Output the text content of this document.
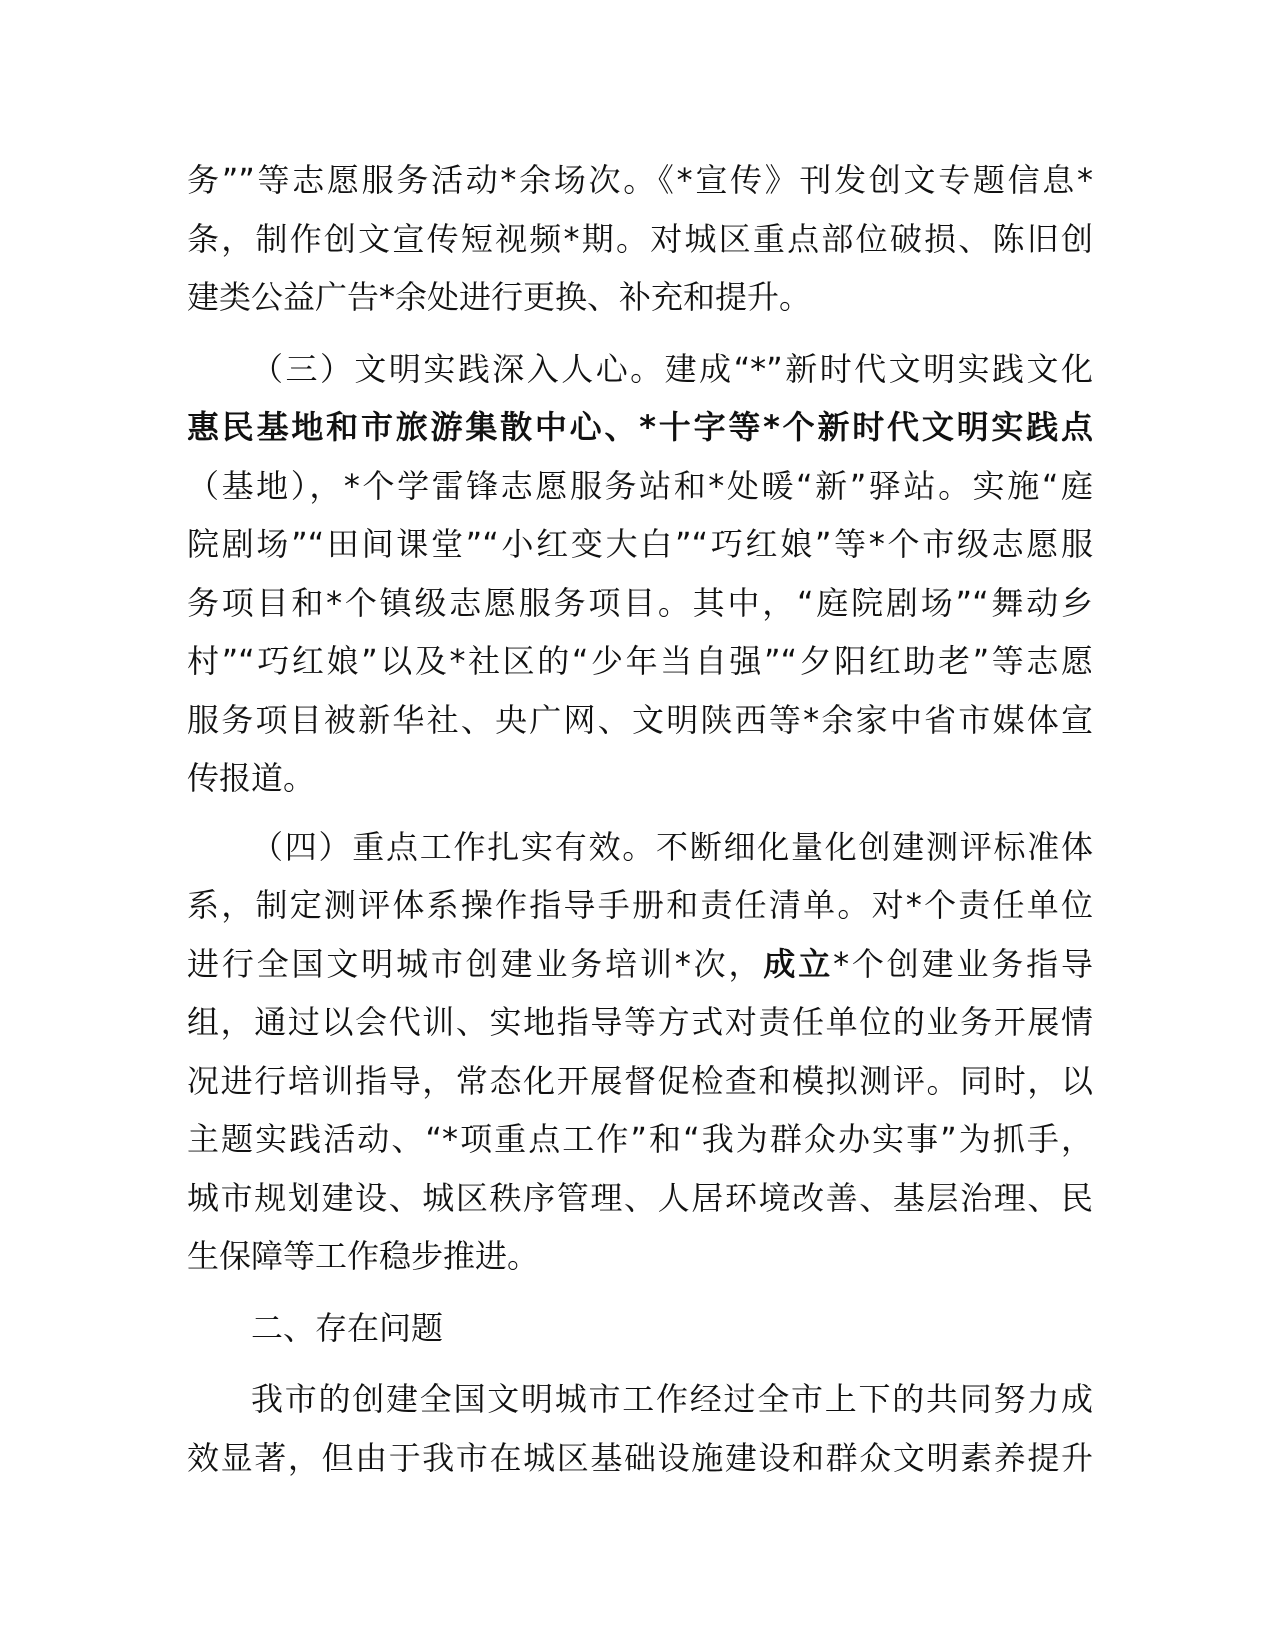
务””等志愿服务活动*余场次。《*宣传》刊发创文专题信息*
条，制作创文宣传短视频*期。对城区重点部位破损、陈旧创
建类公益广告*余处进行更换、补充和提升。
（三）文明实践深入人心。建成“*”新时代文明实践文化
惠民基地和市旅游集散中心、*十字等*个新时代文明实践点
（基地），*个学雷锋志愿服务站和*处暖“新”驿站。实施“庭
院剧场”“田间课堂”“小红变大白”“巧红娘”等*个市级志愿服
务项目和*个镇级志愿服务项目。其中，“庭院剧场”“舞动乡
村”“巧红娘”以及*社区的“少年当自强”“夕阳红助老”等志愿
服务项目被新华社、央广网、文明陕西等*余家中省市媒体宣
传报道。
（四）重点工作扎实有效。不断细化量化创建测评标准体
系，制定测评体系操作指导手册和责任清单。对*个责任单位
进行全国文明城市创建业务培训*次，成立*个创建业务指导
组，通过以会代训、实地指导等方式对责任单位的业务开展情
况进行培训指导，常态化开展督促检查和模拟测评。同时，以
主题实践活动、“*项重点工作”和“我为群众办实事”为抓手，
城市规划建设、城区秩序管理、人居环境改善、基层治理、民
生保障等工作稳步推进。
二、存在问题
我市的创建全国文明城市工作经过全市上下的共同努力成
效显著，但由于我市在城区基础设施建设和群众文明素养提升
